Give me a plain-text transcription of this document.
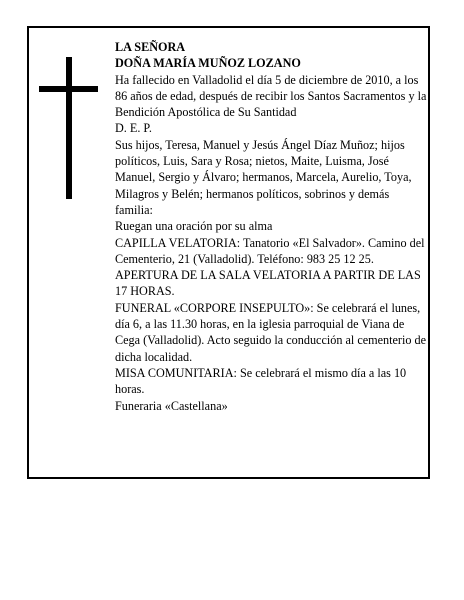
LA SEÑORA

DOÑA MARÍA MUÑOZ LOZANO

Ha fallecido en Valladolid el día 5 de diciembre de 2010, a los 86 años de edad, después de recibir los Santos Sacramentos y la Bendición Apostólica de Su Santidad

D. E. P.

Sus hijos, Teresa, Manuel y Jesús Ángel Díaz Muñoz; hijos políticos, Luis, Sara y Rosa; nietos, Maite, Luisma, José Manuel, Sergio y Álvaro; hermanos, Marcela, Aurelio, Toya, Milagros y Belén; hermanos políticos, sobrinos y demás familia:

Ruegan una oración por su alma

CAPILLA VELATORIA: Tanatorio «El Salvador». Camino del Cementerio, 21 (Valladolid). Teléfono: 983 25 12 25.

APERTURA DE LA SALA VELATORIA A PARTIR DE LAS 17 HORAS.

FUNERAL «CORPORE INSEPULTO»: Se celebrará el lunes, día 6, a las 11.30 horas, en la iglesia parroquial de Viana de Cega (Valladolid). Acto seguido la conducción al cementerio de dicha localidad.

MISA COMUNITARIA: Se celebrará el mismo día a las 10 horas.

Funeraria «Castellana»
